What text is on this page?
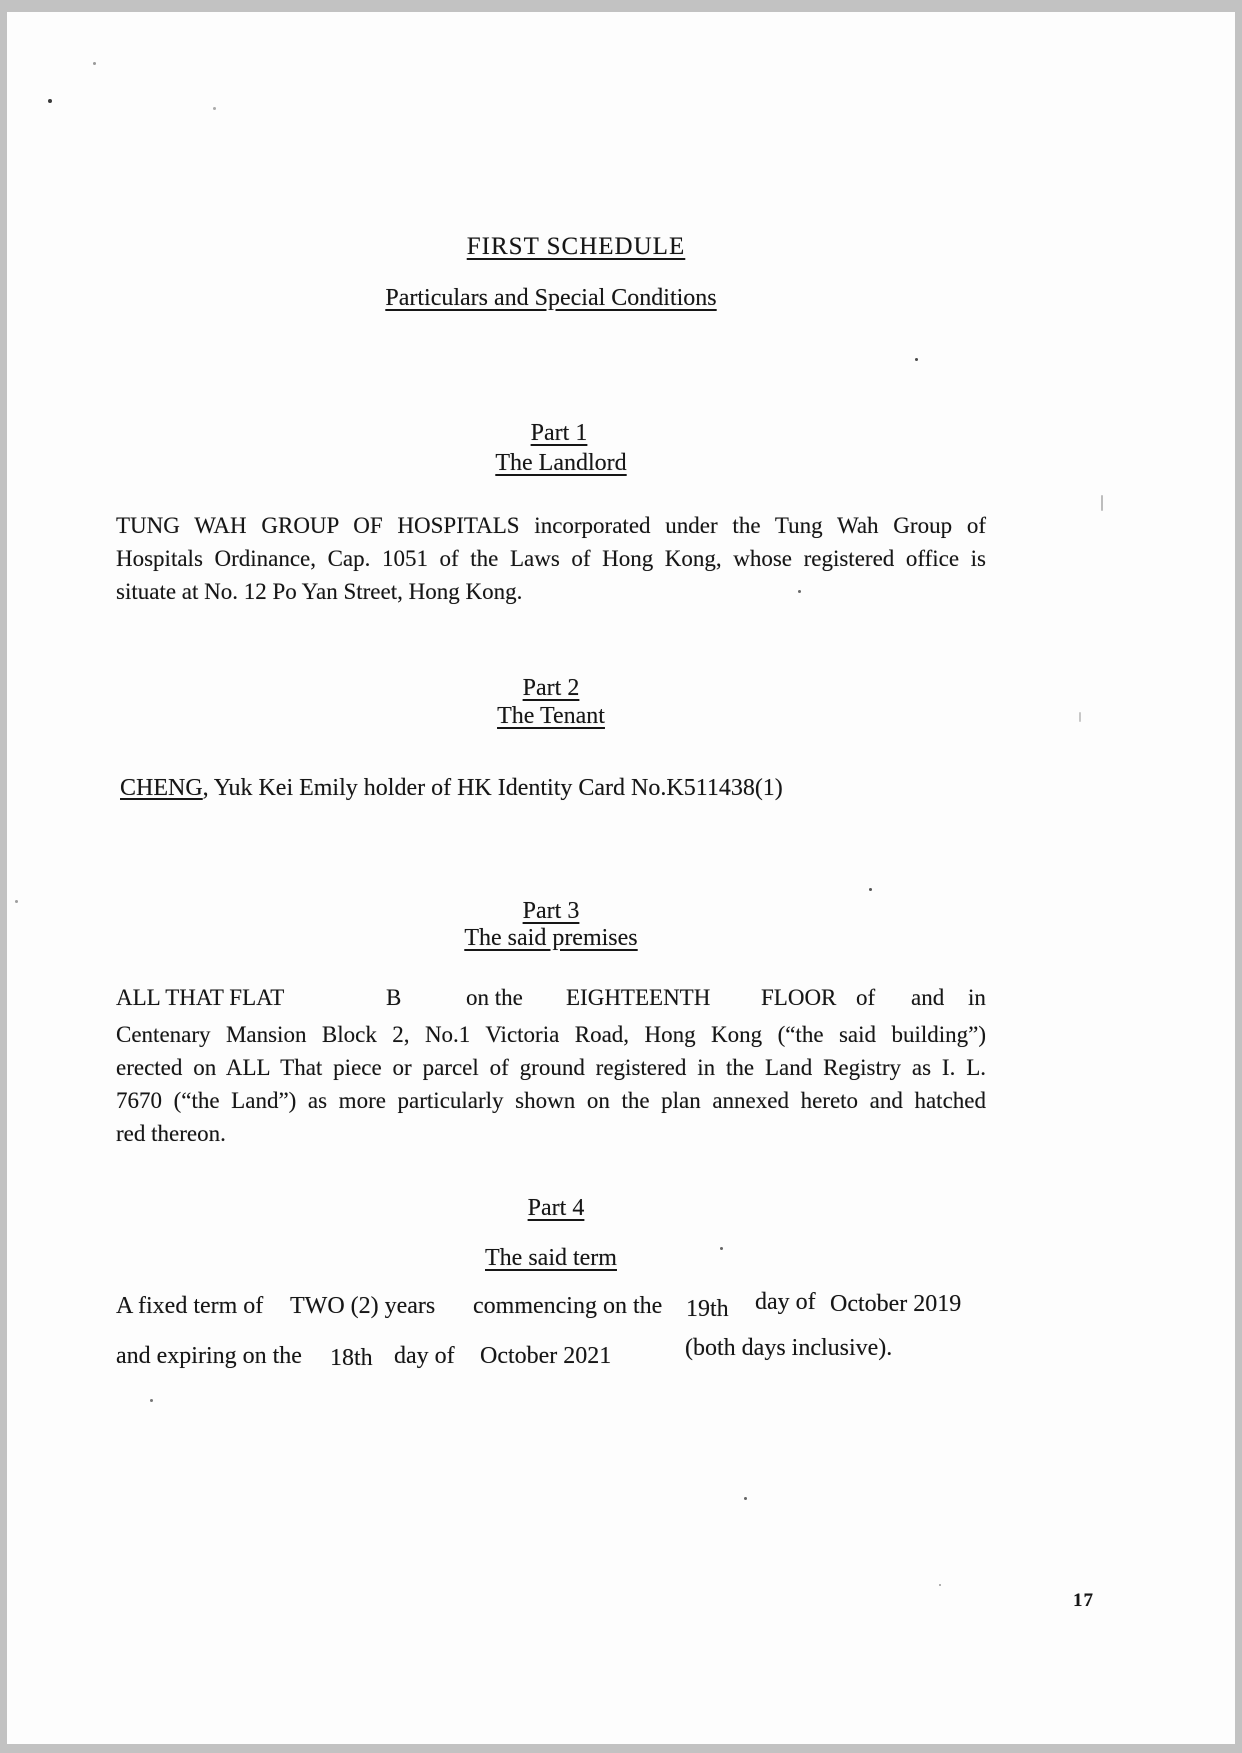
FIRST SCHEDULE
Particulars and Special Conditions
Part 1
The Landlord
TUNG WAH GROUP OF HOSPITALS incorporated under the Tung Wah Group of
Hospitals Ordinance, Cap. 1051 of the Laws of Hong Kong, whose registered office is
situate at No. 12 Po Yan Street, Hong Kong.
Part 2
The Tenant
CHENG, Yuk Kei Emily holder of HK Identity Card No.K511438(1)
Part 3
The said premises
ALL THAT FLAT	B	on the EIGHTEENTH FLOOR of and in
Centenary Mansion Block 2, No.1 Victoria Road, Hong Kong (“the said building”)
erected on ALL That piece or parcel of ground registered in the Land Registry as I. L.
7670 (“the Land”) as more particularly shown on the plan annexed hereto and hatched
red thereon.
Part 4
The said term
A fixed term of TWO (2) years commencing on the 19th day of October 2019
and expiring on the 18th day of October 2021	(both days inclusive).
17
